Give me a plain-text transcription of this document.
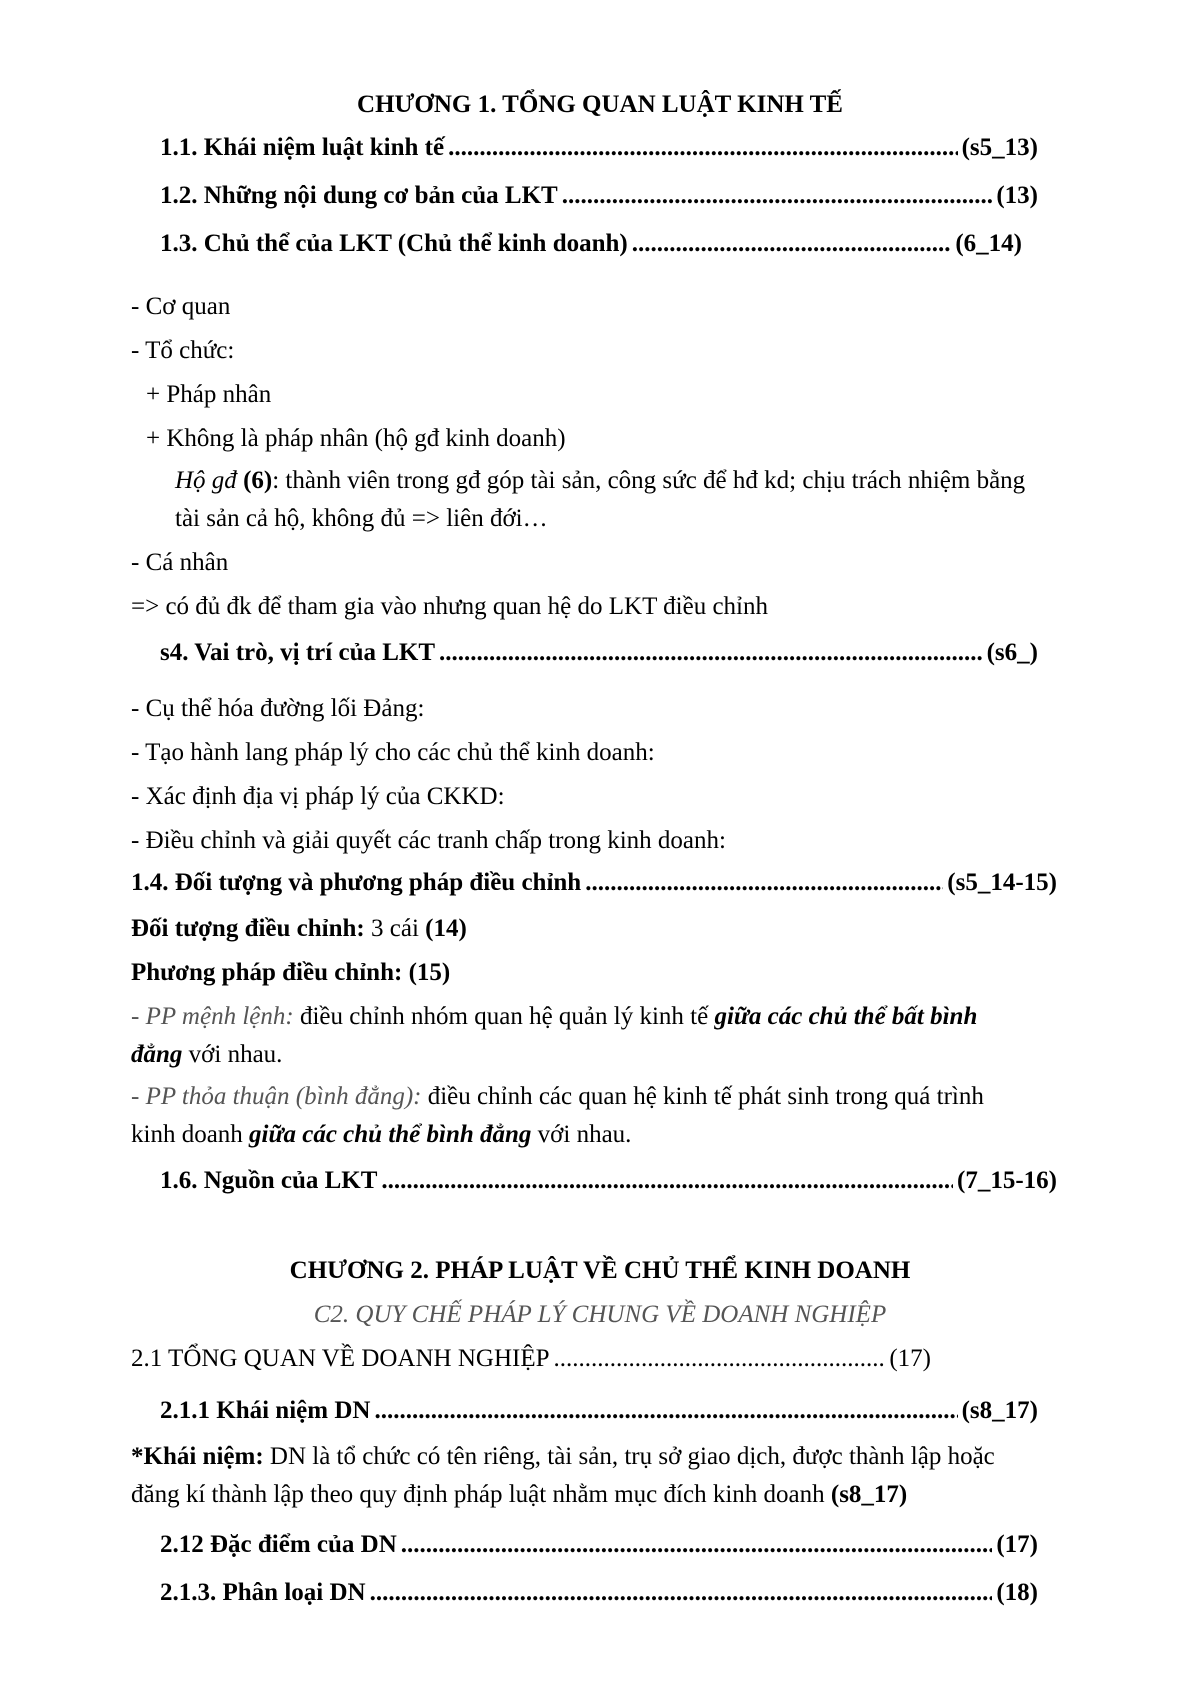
CHƯƠNG 1. TỔNG QUAN LUẬT KINH TẾ
1.1. Khái niệm luật kinh tế .....	(s5_13)
1.2. Những nội dung cơ bản của LKT .....	(13)
1.3. Chủ thể của LKT (Chủ thể kinh doanh) .....	(6_14)
- Cơ quan
- Tổ chức:
+ Pháp nhân
+ Không là pháp nhân (hộ gđ kinh doanh)
Hộ gđ (6): thành viên trong gđ góp tài sản, công sức để hđ kd; chịu trách nhiệm bằng
tài sản cả hộ, không đủ => liên đới…
- Cá nhân
=> có đủ đk để tham gia vào nhưng quan hệ do LKT điều chỉnh
s4. Vai trò, vị trí của LKT .....	(s6_)
- Cụ thể hóa đường lối Đảng:
- Tạo hành lang pháp lý cho các chủ thể kinh doanh:
- Xác định địa vị pháp lý của CKKD:
- Điều chỉnh và giải quyết các tranh chấp trong kinh doanh:
1.4. Đối tượng và phương pháp điều chỉnh .....	(s5_14-15)
Đối tượng điều chỉnh: 3 cái (14)
Phương pháp điều chỉnh: (15)
- PP mệnh lệnh: điều chỉnh nhóm quan hệ quản lý kinh tế giữa các chủ thể bất bình
đẳng với nhau.
- PP thỏa thuận (bình đẳng): điều chỉnh các quan hệ kinh tế phát sinh trong quá trình
kinh doanh giữa các chủ thể bình đẳng với nhau.
1.6. Nguồn của LKT .....	(7_15-16)
CHƯƠNG 2. PHÁP LUẬT VỀ CHỦ THỂ KINH DOANH
C2. QUY CHẾ PHÁP LÝ CHUNG VỀ DOANH NGHIỆP
2.1 TỔNG QUAN VỀ DOANH NGHIỆP .....	(17)
2.1.1 Khái niệm DN .....	(s8_17)
*Khái niệm: DN là tổ chức có tên riêng, tài sản, trụ sở giao dịch, được thành lập hoặc
đăng kí thành lập theo quy định pháp luật nhằm mục đích kinh doanh (s8_17)
2.12 Đặc điểm của DN .....	(17)
2.1.3. Phân loại DN .....	(18)
